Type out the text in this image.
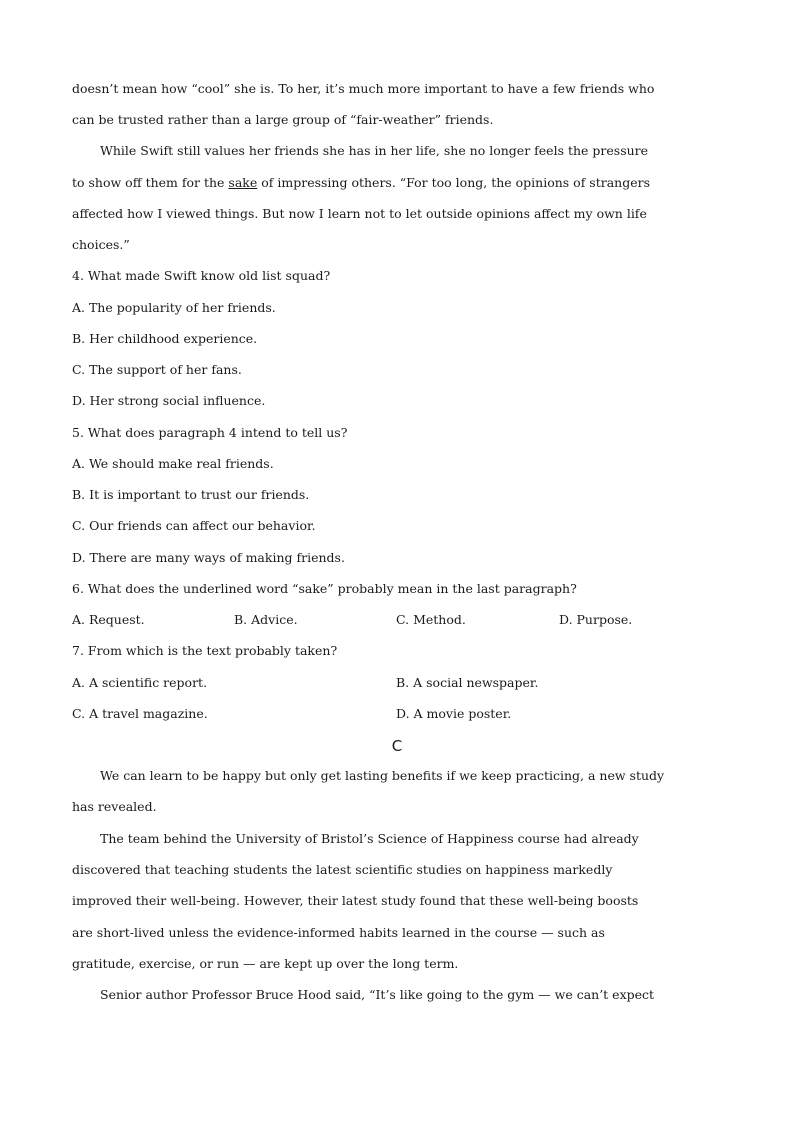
doesn’t mean how “cool” she is. To her, it’s much more important to have a few friends who
can be trusted rather than a large group of “fair-weather” friends.
While Swift still values her friends she has in her life, she no longer feels the pressure
to show off them for the sake of impressing others. “For too long, the opinions of strangers
affected how I viewed things. But now I learn not to let outside opinions affect my own life
choices.”
4. What made Swift know old list squad?
A. The popularity of her friends.
B. Her childhood experience.
C. The support of her fans.
D. Her strong social influence.
5. What does paragraph 4 intend to tell us?
A. We should make real friends.
B. It is important to trust our friends.
C. Our friends can affect our behavior.
D. There are many ways of making friends.
6. What does the underlined word “sake” probably mean in the last paragraph?
A. Request.	B. Advice.	C. Method.	D. Purpose.
7. From which is the text probably taken?
A. A scientific report.	B. A social newspaper.
C. A travel magazine.	D. A movie poster.
C
We can learn to be happy but only get lasting benefits if we keep practicing, a new study
has revealed.
The team behind the University of Bristol’s Science of Happiness course had already
discovered that teaching students the latest scientific studies on happiness markedly
improved their well-being. However, their latest study found that these well-being boosts
are short-lived unless the evidence-informed habits learned in the course — such as
gratitude, exercise, or run — are kept up over the long term.
Senior author Professor Bruce Hood said, “It’s like going to the gym — we can’t expect
